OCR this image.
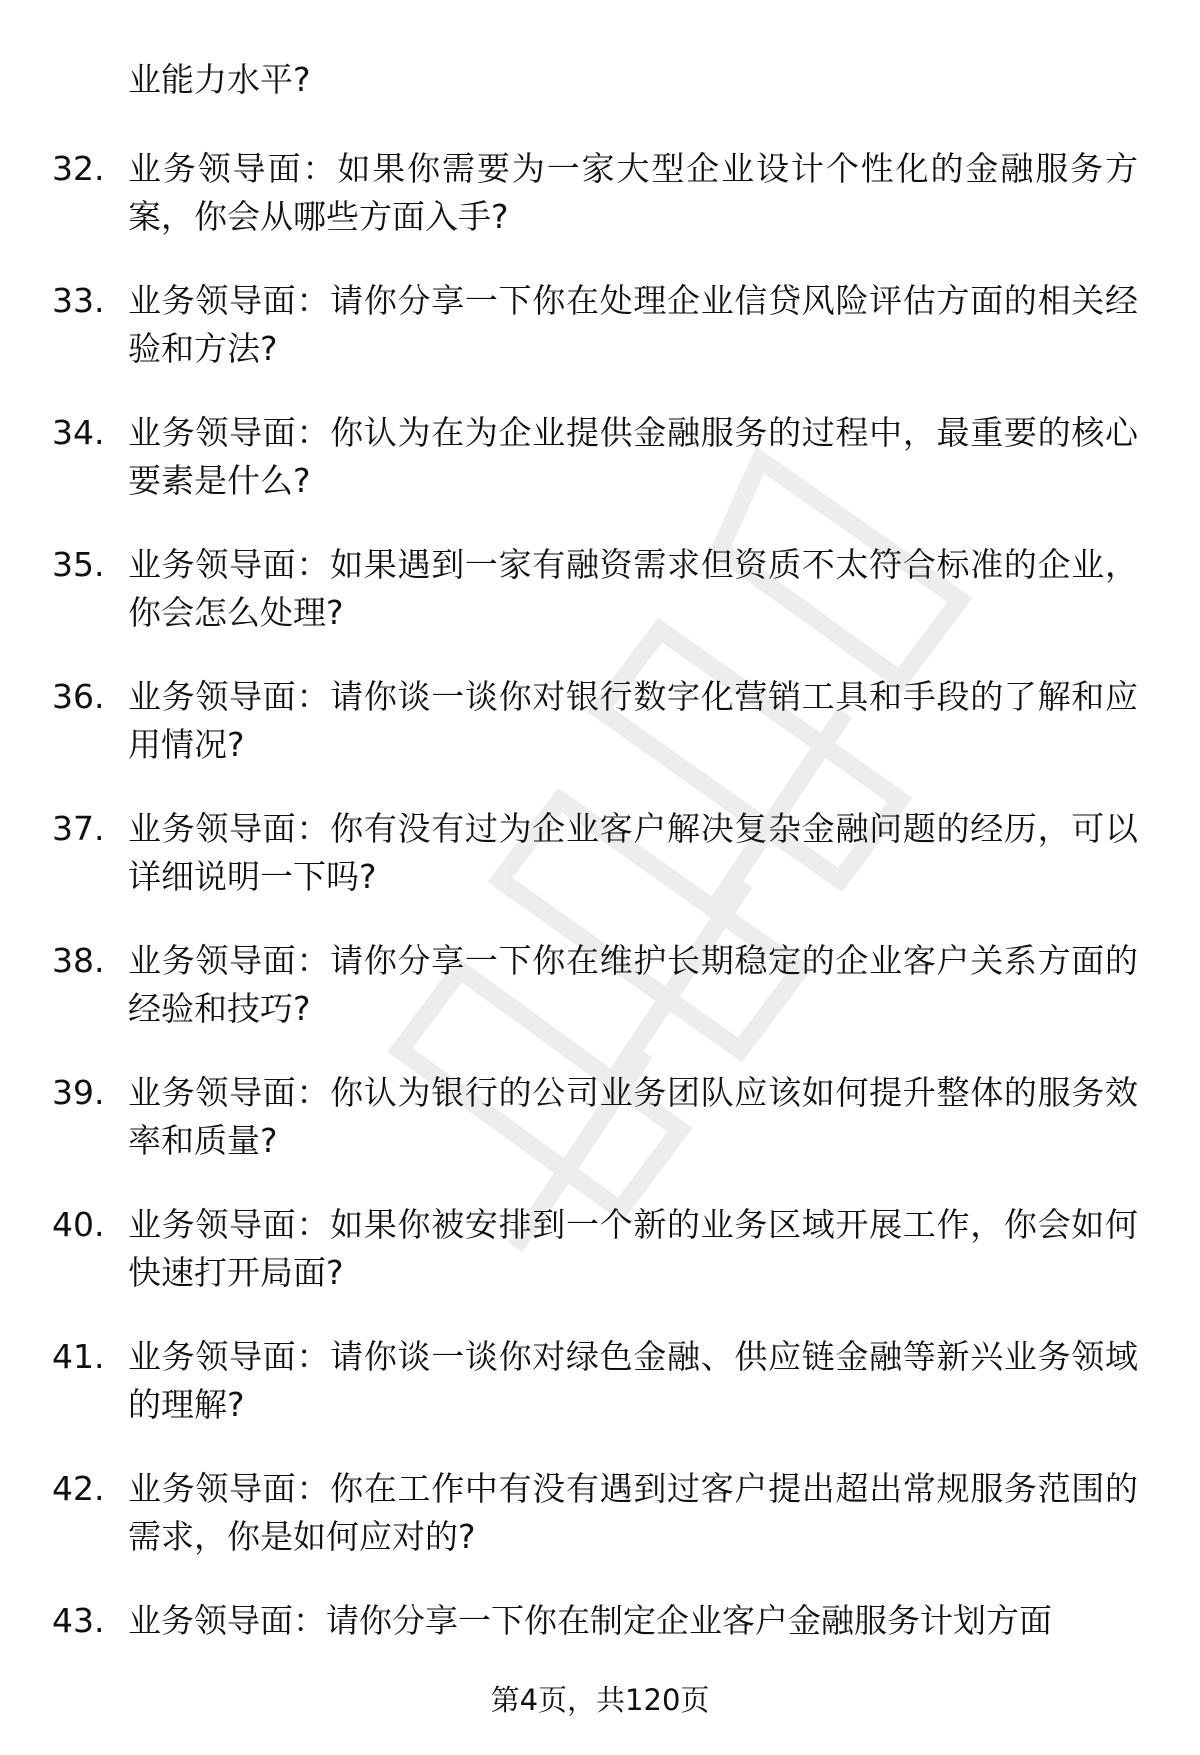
业能力水平?

32. 业务领导面：如果你需要为一家大型企业设计个性化的金融服务方案，你会从哪些方面入手?
33. 业务领导面：请你分享一下你在处理企业信贷风险评估方面的相关经验和方法?
34. 业务领导面：你认为在为企业提供金融服务的过程中，最重要的核心要素是什么?
35. 业务领导面：如果遇到一家有融资需求但资质不太符合标准的企业，你会怎么处理?
36. 业务领导面：请你谈一谈你对银行数字化营销工具和手段的了解和应用情况?
37. 业务领导面：你有没有过为企业客户解决复杂金融问题的经历，可以详细说明一下吗?
38. 业务领导面：请你分享一下你在维护长期稳定的企业客户关系方面的经验和技巧?
39. 业务领导面：你认为银行的公司业务团队应该如何提升整体的服务效率和质量?
40. 业务领导面：如果你被安排到一个新的业务区域开展工作，你会如何快速打开局面?
41. 业务领导面：请你谈一谈你对绿色金融、供应链金融等新兴业务领域的理解?
42. 业务领导面：你在工作中有没有遇到过客户提出超出常规服务范围的需求，你是如何应对的?
43. 业务领导面：请你分享一下你在制定企业客户金融服务计划方面
第4页，共120页
